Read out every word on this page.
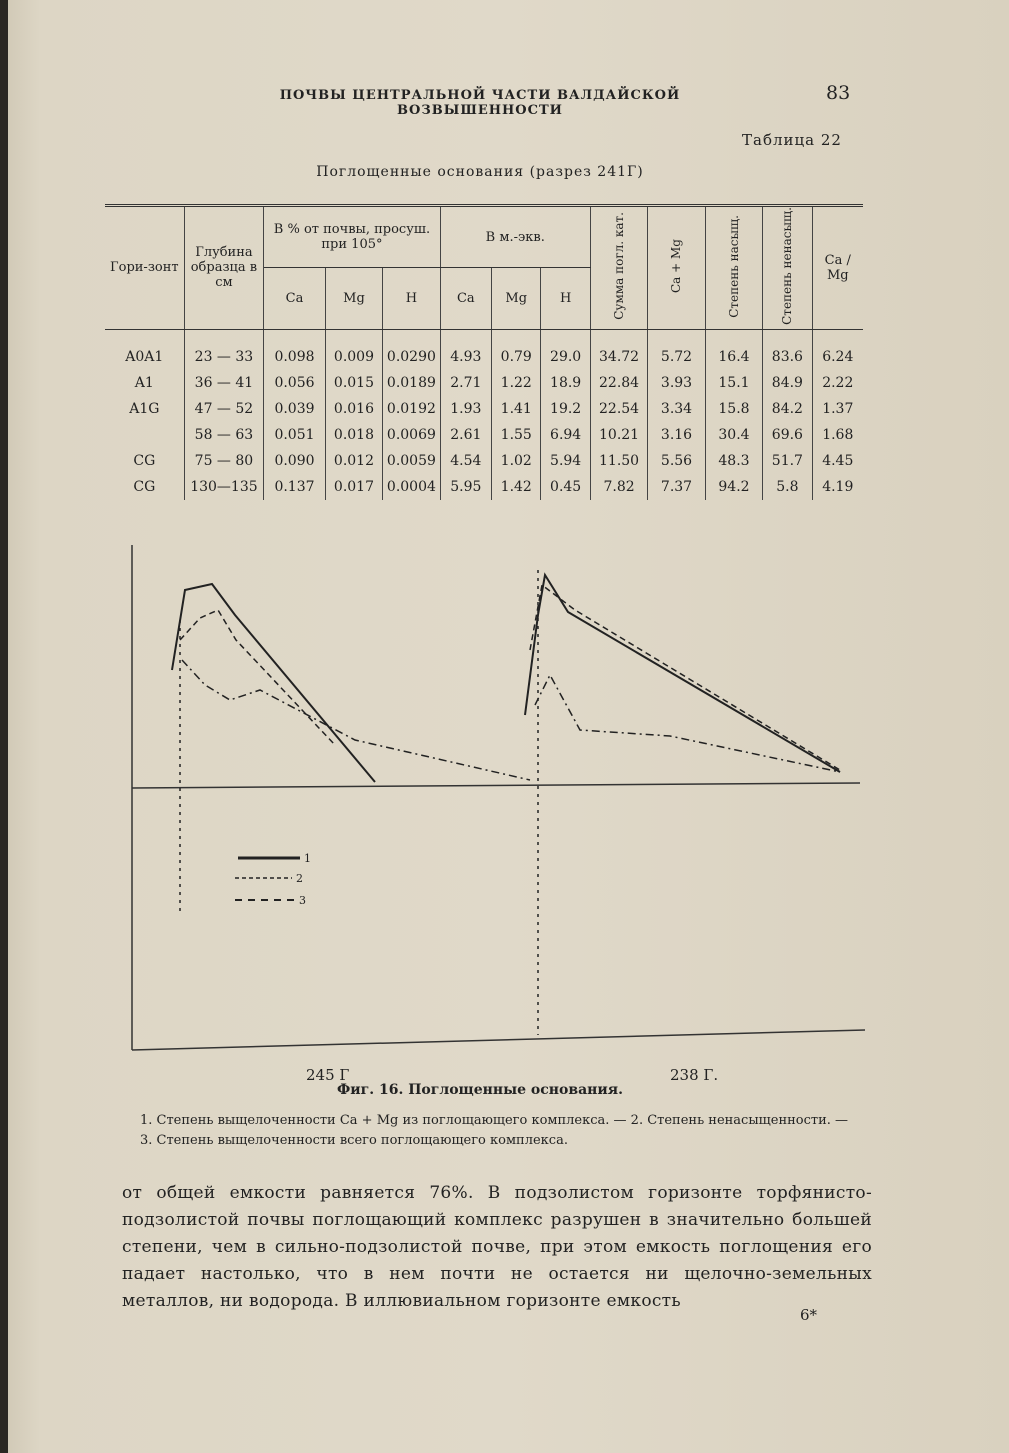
ПОЧВЫ ЦЕНТРАЛЬНОЙ ЧАСТИ ВАЛДАЙСКОЙ ВОЗВЫШЕННОСТИ
83
Таблица 22
Поглощенные основания (разрез 241Г)
Гори-зонт	Глубина образца в см	В % от почвы, просуш. при 105°			В м.-экв.			Сумма погл. кат.	Ca + Mg	Степень насыщ.	Степень ненасыщ.	Ca / Mg
		Ca	Mg	H	Ca	Mg	H					
A0A1	23 — 33	0.098	0.009	0.0290	4.93	0.79	29.0	34.72	5.72	16.4	83.6	6.24
A1	36 — 41	0.056	0.015	0.0189	2.71	1.22	18.9	22.84	3.93	15.1	84.9	2.22
A1G	47 — 52	0.039	0.016	0.0192	1.93	1.41	19.2	22.54	3.34	15.8	84.2	1.37
	58 — 63	0.051	0.018	0.0069	2.61	1.55	6.94	10.21	3.16	30.4	69.6	1.68
CG	75 — 80	0.090	0.012	0.0059	4.54	1.02	5.94	11.50	5.56	48.3	51.7	4.45
CG	130—135	0.137	0.017	0.0004	5.95	1.42	0.45	7.82	7.37	94.2	5.8	4.19
1
2
3
245 Г	238 Г.
Фиг. 16. Поглощенные основания.
1. Степень выщелоченности Ca + Mg из поглощающего комплекса. — 2. Степень ненасыщенности. — 3. Степень выщелоченности всего поглощающего комплекса.
от общей емкости равняется 76%. В подзолистом горизонте торфянисто-подзолистой почвы поглощающий комплекс разрушен в значительно большей степени, чем в сильно-подзолистой почве, при этом емкость поглощения его падает настолько, что в нем почти не остается ни щелочно-земельных металлов, ни водорода. В иллювиальном горизонте емкость
6*
